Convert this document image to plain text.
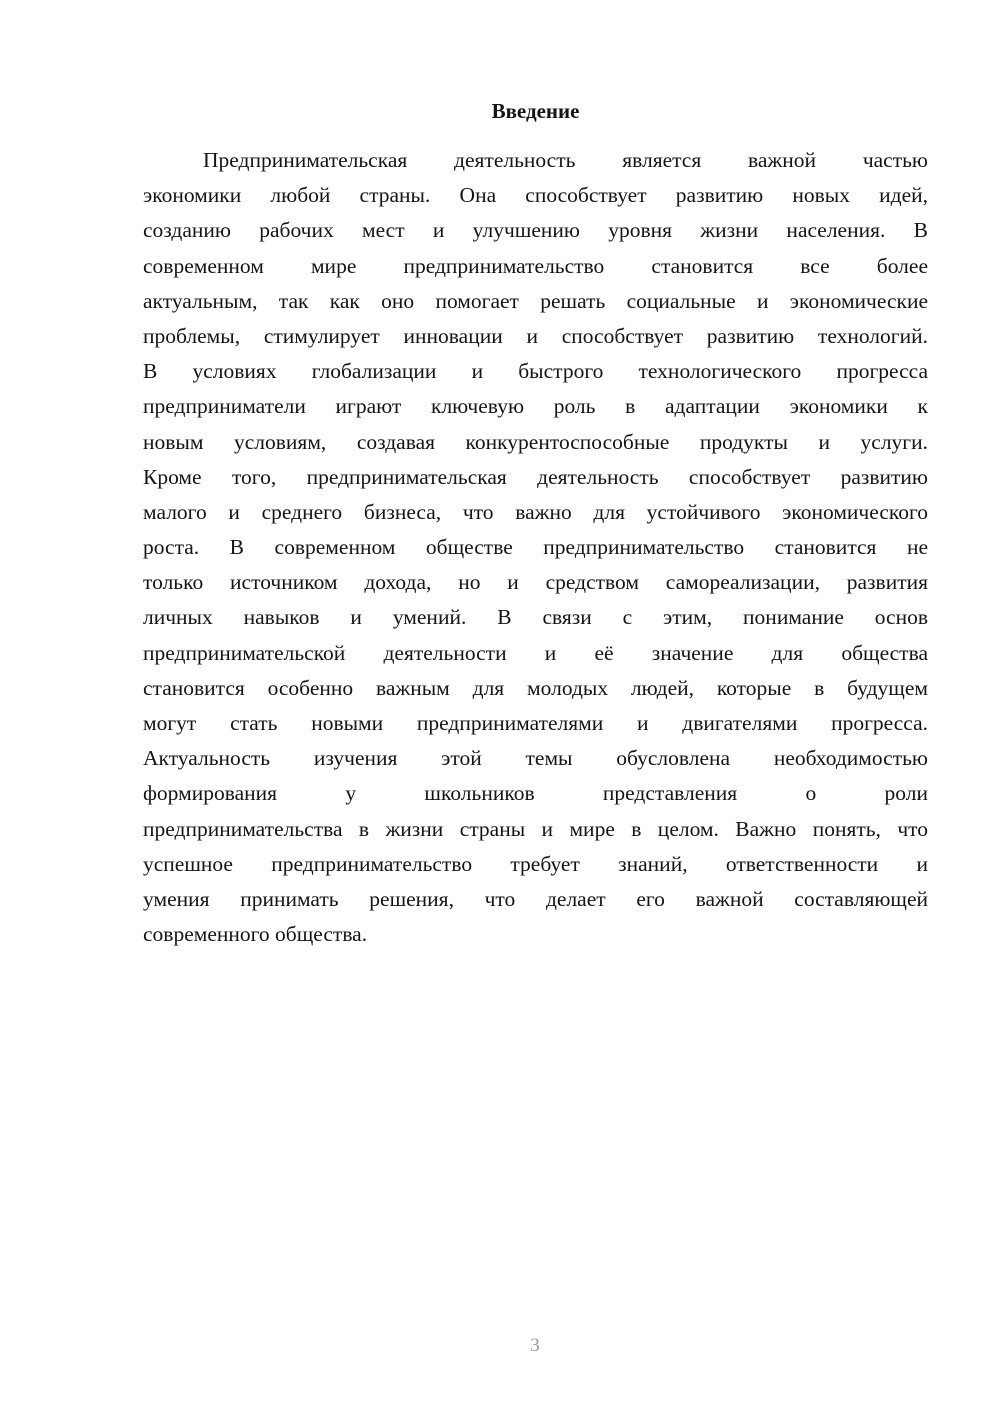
Введение
Предпринимательская деятельность является важной частью
экономики любой страны. Она способствует развитию новых идей,
созданию рабочих мест и улучшению уровня жизни населения. В
современном мире предпринимательство становится все более
актуальным, так как оно помогает решать социальные и экономические
проблемы, стимулирует инновации и способствует развитию технологий.
В условиях глобализации и быстрого технологического прогресса
предприниматели играют ключевую роль в адаптации экономики к
новым условиям, создавая конкурентоспособные продукты и услуги.
Кроме того, предпринимательская деятельность способствует развитию
малого и среднего бизнеса, что важно для устойчивого экономического
роста. В современном обществе предпринимательство становится не
только источником дохода, но и средством самореализации, развития
личных навыков и умений. В связи с этим, понимание основ
предпринимательской деятельности и её значение для общества
становится особенно важным для молодых людей, которые в будущем
могут стать новыми предпринимателями и двигателями прогресса.
Актуальность изучения этой темы обусловлена необходимостью
формирования у школьников представления о роли
предпринимательства в жизни страны и мире в целом. Важно понять, что
успешное предпринимательство требует знаний, ответственности и
умения принимать решения, что делает его важной составляющей
современного общества.
3
